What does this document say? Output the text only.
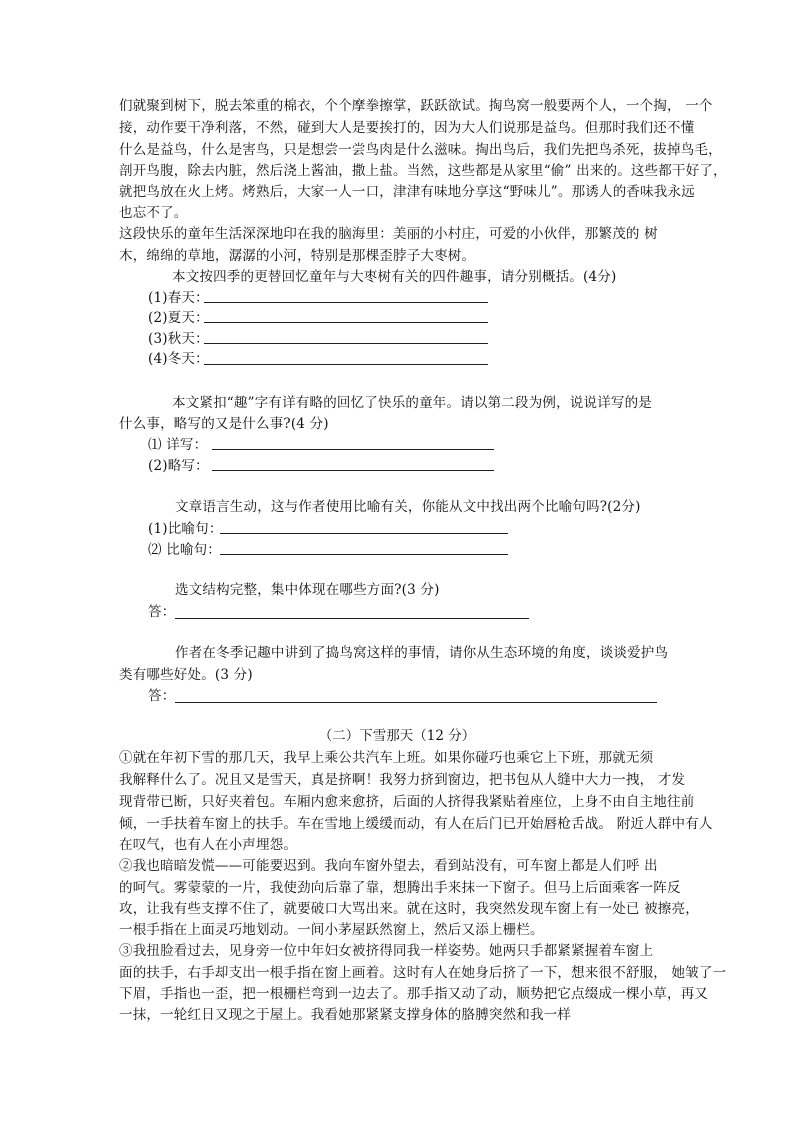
们就聚到树下，脱去笨重的棉衣，个个摩拳擦掌，跃跃欲试。掏鸟窝一般要两个人，一个掏， 一个
接，动作要干净利落，不然，碰到大人是要挨打的，因为大人们说那是益鸟。但那时我们还不懂
什么是益鸟，什么是害鸟，只是想尝一尝鸟肉是什么滋味。掏出鸟后，我们先把鸟杀死，拔掉鸟毛，
剖开鸟腹，除去内脏，然后浇上酱油，撒上盐。当然，这些都是从家里“偷” 出来的。这些都干好了，
就把鸟放在火上烤。烤熟后，大家一人一口，津津有味地分享这“野味儿”。那诱人的香味我永远
也忘不了。
这段快乐的童年生活深深地印在我的脑海里：美丽的小村庄，可爱的小伙伴，那繁茂的 树
木，绵绵的草地，潺潺的小河，特别是那棵歪脖子大枣树。
本文按四季的更替回忆童年与大枣树有关的四件趣事，请分别概括。(4分)
(1)春天：
(2)夏天：
(3)秋天：
(4)冬天：
本文紧扣“趣”字有详有略的回忆了快乐的童年。请以第二段为例，说说详写的是
什么事，略写的又是什么事?(4 分)
⑴ 详写：
(2)略写：
文章语言生动，这与作者使用比喻有关，你能从文中找出两个比喻句吗?(2分)
(1)比喻句：
⑵ 比喻句：
选文结构完整，集中体现在哪些方面?(3 分)
答：
作者在冬季记趣中讲到了捣鸟窝这样的事情，请你从生态环境的角度，谈谈爱护鸟
类有哪些好处。(3 分)
答：
（二）下雪那天（12 分）
①就在年初下雪的那几天，我早上乘公共汽车上班。如果你碰巧也乘它上下班，那就无须
我解释什么了。况且又是雪天，真是挤啊！我努力挤到窗边，把书包从人缝中大力一拽， 才发
现背带已断，只好夹着包。车厢内愈来愈挤，后面的人挤得我紧贴着座位，上身不由自主地往前
倾，一手扶着车窗上的扶手。车在雪地上缓缓而动，有人在后门已开始唇枪舌战。 附近人群中有人
在叹气，也有人在小声埋怨。
②我也暗暗发慌——可能要迟到。我向车窗外望去，看到站没有，可车窗上都是人们呼 出
的呵气。雾蒙蒙的一片，我使劲向后靠了靠，想腾出手来抹一下窗子。但马上后面乘客一阵反
攻，让我有些支撑不住了，就要破口大骂出来。就在这时，我突然发现车窗上有一处已 被擦亮，
一根手指在上面灵巧地划动。一间小茅屋跃然窗上，然后又添上栅栏。
③我扭脸看过去，见身旁一位中年妇女被挤得同我一样姿势。她两只手都紧紧握着车窗上
面的扶手，右手却支出一根手指在窗上画着。这时有人在她身后挤了一下，想来很不舒服， 她皱了一
下眉，手指也一歪，把一根栅栏弯到一边去了。那手指又动了动，顺势把它点缀成一棵小草，再又
一抹，一轮红日又现之于屋上。我看她那紧紧支撑身体的胳膊突然和我一样
